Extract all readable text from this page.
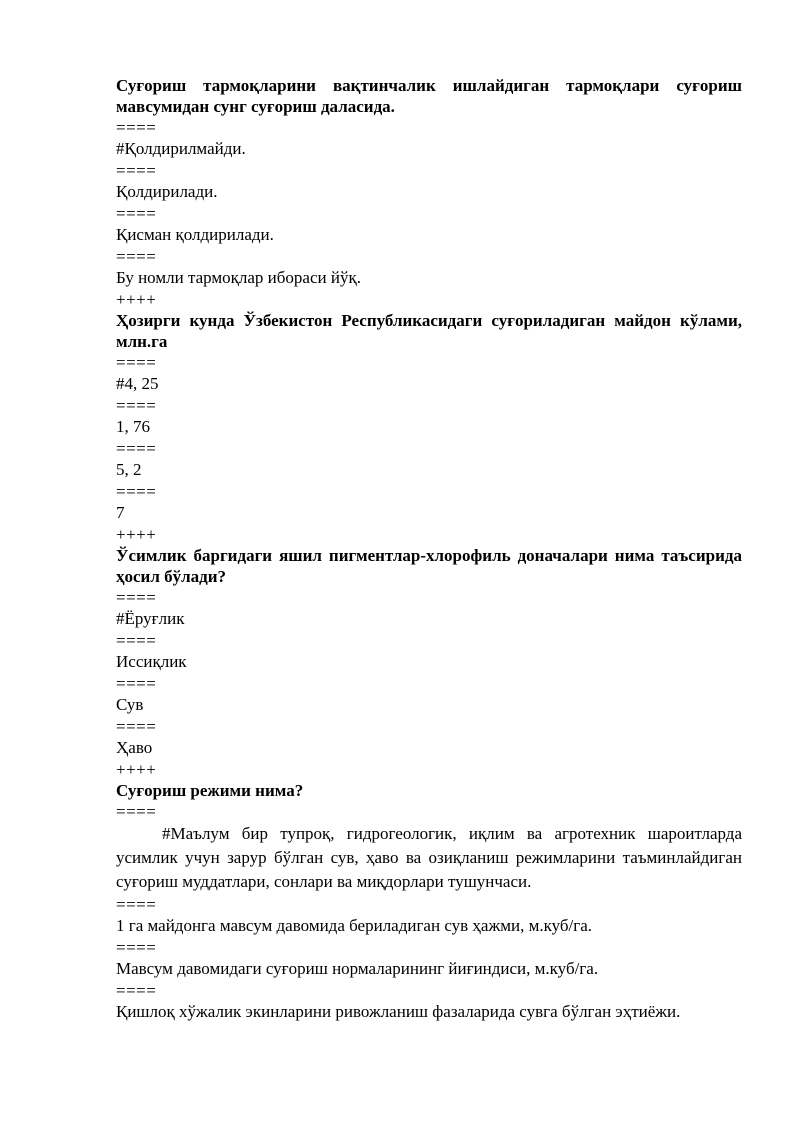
Суғориш тармоқларини вақтинчалик ишлайдиган тармоқлари суғориш мавсумидан сунг суғориш даласида.

====

#Қолдирилмайди.

====

Қолдирилади.

====

Қисман қолдирилади.

====

Бу номли тармоқлар ибораси йўқ.

++++

Ҳозирги кунда Ўзбекистон Республикасидаги суғориладиган майдон кўлами, млн.га

====

#4, 25

====

1, 76

====

5, 2

====

7

++++

Ўсимлик баргидаги яшил пигментлар-хлорофиль доначалари нима таъсирида ҳосил бўлади?

====

#Ёруғлик

====

Иссиқлик

====

Сув

====

Ҳаво

++++

Суғориш режими нима?

====

#Маълум бир тупроқ, гидрогеологик, иқлим ва агротехник шароитларда усимлик учун зарур бўлган сув, ҳаво ва озиқланиш режимларини таъминлайдиган суғориш муддатлари, сонлари ва миқдорлари тушунчаси.

====

1 га майдонга мавсум давомида бериладиган сув ҳажми, м.куб/га.

====

Мавсум давомидаги суғориш нормаларининг йиғиндиси, м.куб/га.

====

Қишлоқ хўжалик экинларини ривожланиш фазаларида сувга бўлган эҳтиёжи.
